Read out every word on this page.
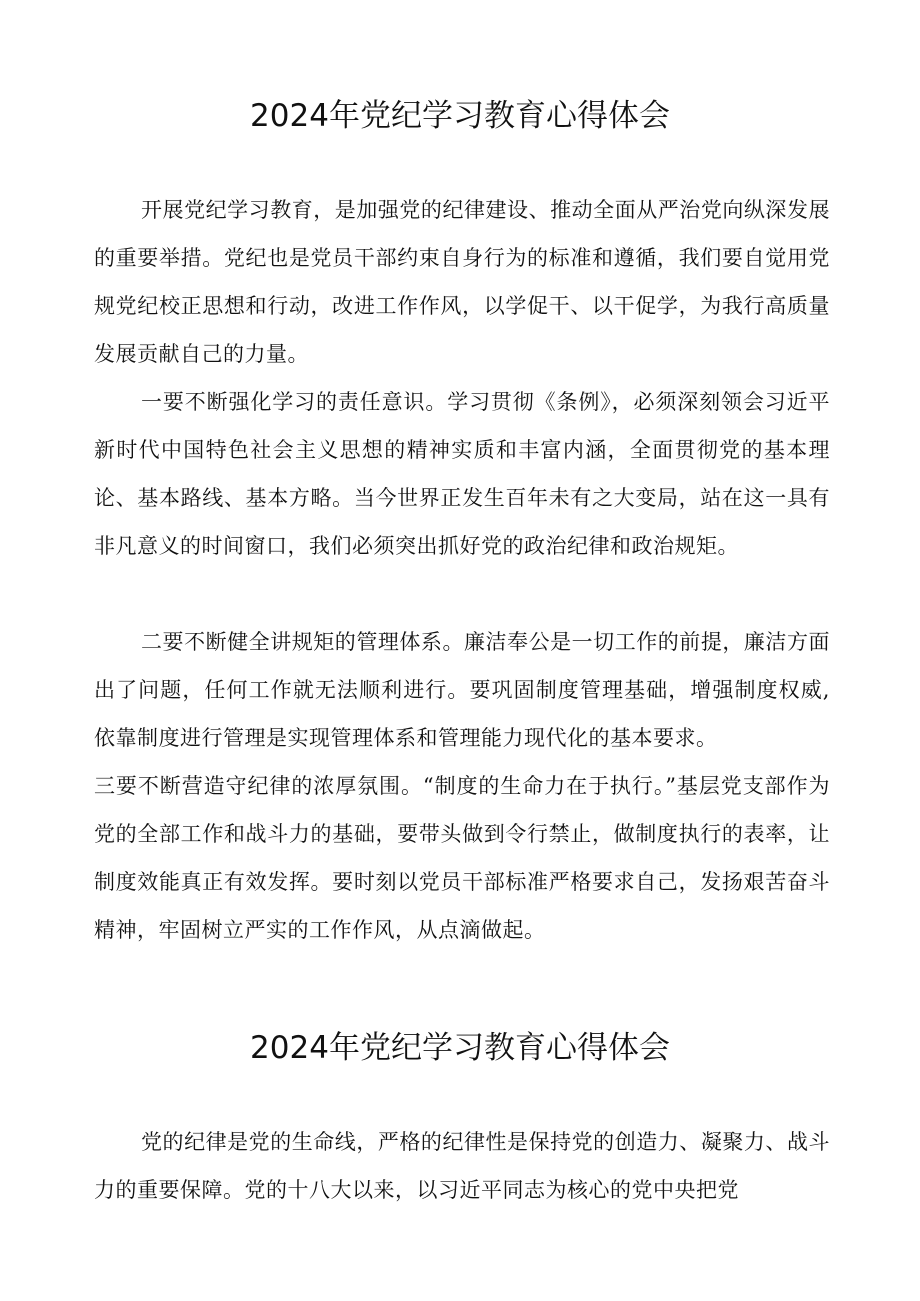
2024年党纪学习教育心得体会

开展党纪学习教育，是加强党的纪律建设、推动全面从严治党向纵深发展的重要举措。党纪也是党员干部约束自身行为的标准和遵循，我们要自觉用党规党纪校正思想和行动，改进工作作风，以学促干、以干促学，为我行高质量发展贡献自己的力量。

一要不断强化学习的责任意识。学习贯彻《条例》，必须深刻领会习近平新时代中国特色社会主义思想的精神实质和丰富内涵，全面贯彻党的基本理论、基本路线、基本方略。当今世界正发生百年未有之大变局，站在这一具有非凡意义的时间窗口，我们必须突出抓好党的政治纪律和政治规矩。

二要不断健全讲规矩的管理体系。廉洁奉公是一切工作的前提，廉洁方面出了问题，任何工作就无法顺利进行。要巩固制度管理基础，增强制度权威,依靠制度进行管理是实现管理体系和管理能力现代化的基本要求。

三要不断营造守纪律的浓厚氛围。“制度的生命力在于执行。”基层党支部作为党的全部工作和战斗力的基础，要带头做到令行禁止，做制度执行的表率，让制度效能真正有效发挥。要时刻以党员干部标准严格要求自己，发扬艰苦奋斗精神，牢固树立严实的工作作风，从点滴做起。

2024年党纪学习教育心得体会

党的纪律是党的生命线，严格的纪律性是保持党的创造力、凝聚力、战斗力的重要保障。党的十八大以来，以习近平同志为核心的党中央把党
